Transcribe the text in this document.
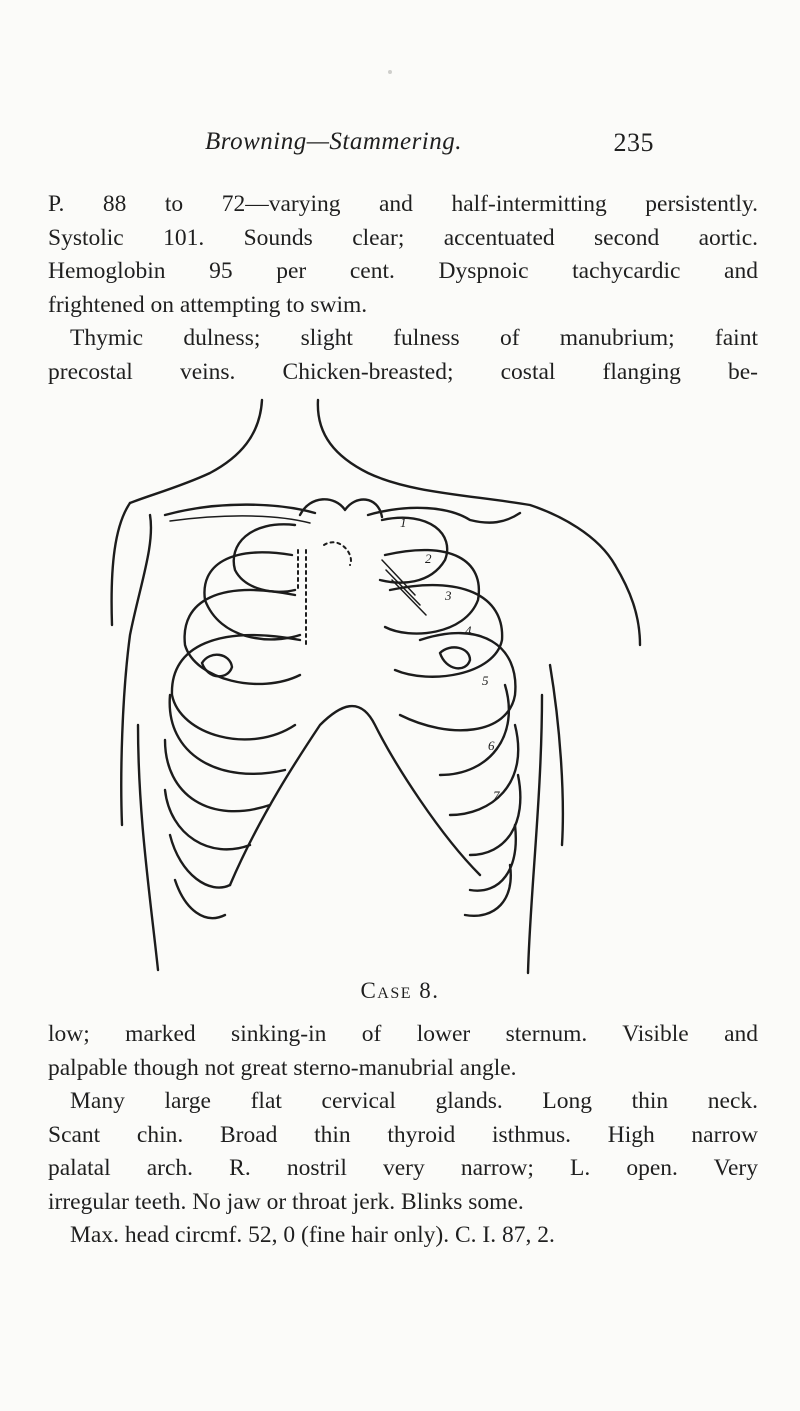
Browning—Stammering.	235
P. 88 to 72—varying and half-intermitting persistently.
Systolic 101. Sounds clear; accentuated second aortic.
Hemoglobin 95 per cent. Dyspnoic tachycardic and
frightened on attempting to swim.
Thymic dulness; slight fulness of manubrium; faint
precostal veins. Chicken-breasted; costal flanging be-
1
2
3
4
5
6
7
Case 8.
low; marked sinking-in of lower sternum. Visible and
palpable though not great sterno-manubrial angle.
Many large flat cervical glands. Long thin neck.
Scant chin. Broad thin thyroid isthmus. High narrow
palatal arch. R. nostril very narrow; L. open. Very
irregular teeth. No jaw or throat jerk. Blinks some.
Max. head circmf. 52, 0 (fine hair only). C. I. 87, 2.
